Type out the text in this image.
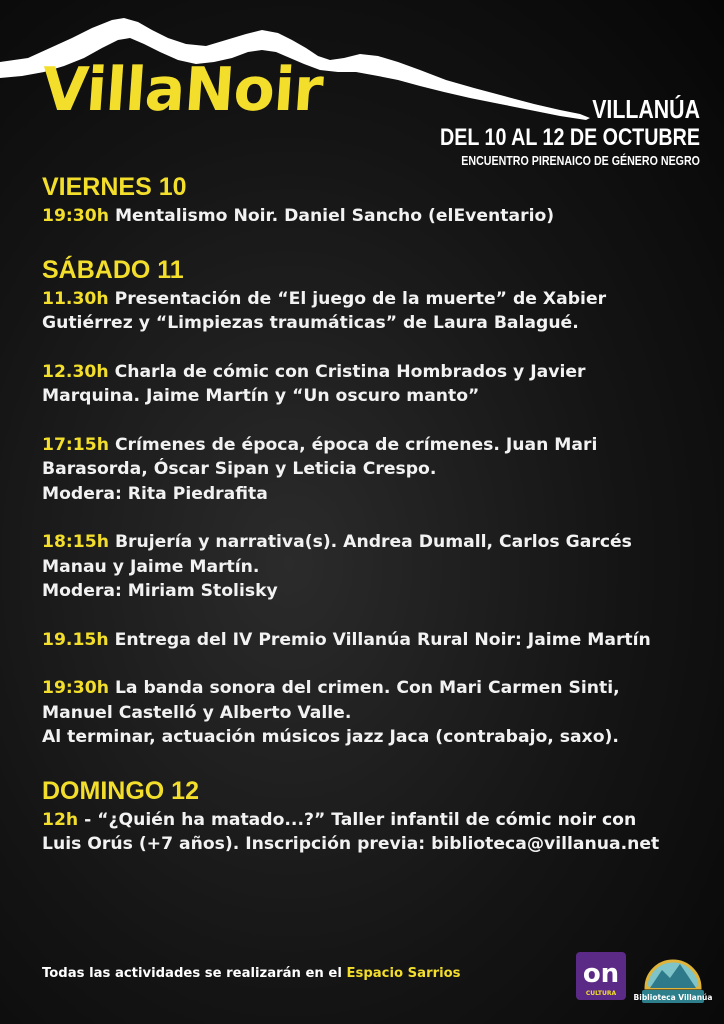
VillaNoir	VILLANÚA
DEL 10 AL 12 DE OCTUBRE
ENCUENTRO PIRENAICO DE GÉNERO NEGRO
VIERNES 10
19:30h Mentalismo Noir. Daniel Sancho (elEventario)
SÁBADO 11
11.30h Presentación de “El juego de la muerte” de Xabier
Gutiérrez y “Limpiezas traumáticas” de Laura Balagué.
12.30h Charla de cómic con Cristina Hombrados y Javier
Marquina. Jaime Martín y “Un oscuro manto”
17:15h Crímenes de época, época de crímenes. Juan Mari
Barasorda, Óscar Sipan y Leticia Crespo.
Modera: Rita Piedrafita
18:15h Brujería y narrativa(s). Andrea Dumall, Carlos Garcés
Manau y Jaime Martín.
Modera: Miriam Stolisky
19.15h Entrega del IV Premio Villanúa Rural Noir: Jaime Martín
19:30h La banda sonora del crimen. Con Mari Carmen Sinti,
Manuel Castelló y Alberto Valle.
Al terminar, actuación músicos jazz Jaca (contrabajo, saxo).
DOMINGO 12
12h - “¿Quién ha matado...?” Taller infantil de cómic noir con
Luis Orús (+7 años). Inscripción previa: biblioteca@villanua.net
Todas las actividades se realizarán en el Espacio Sarrios	on
CULTURA Biblioteca Villanúa
